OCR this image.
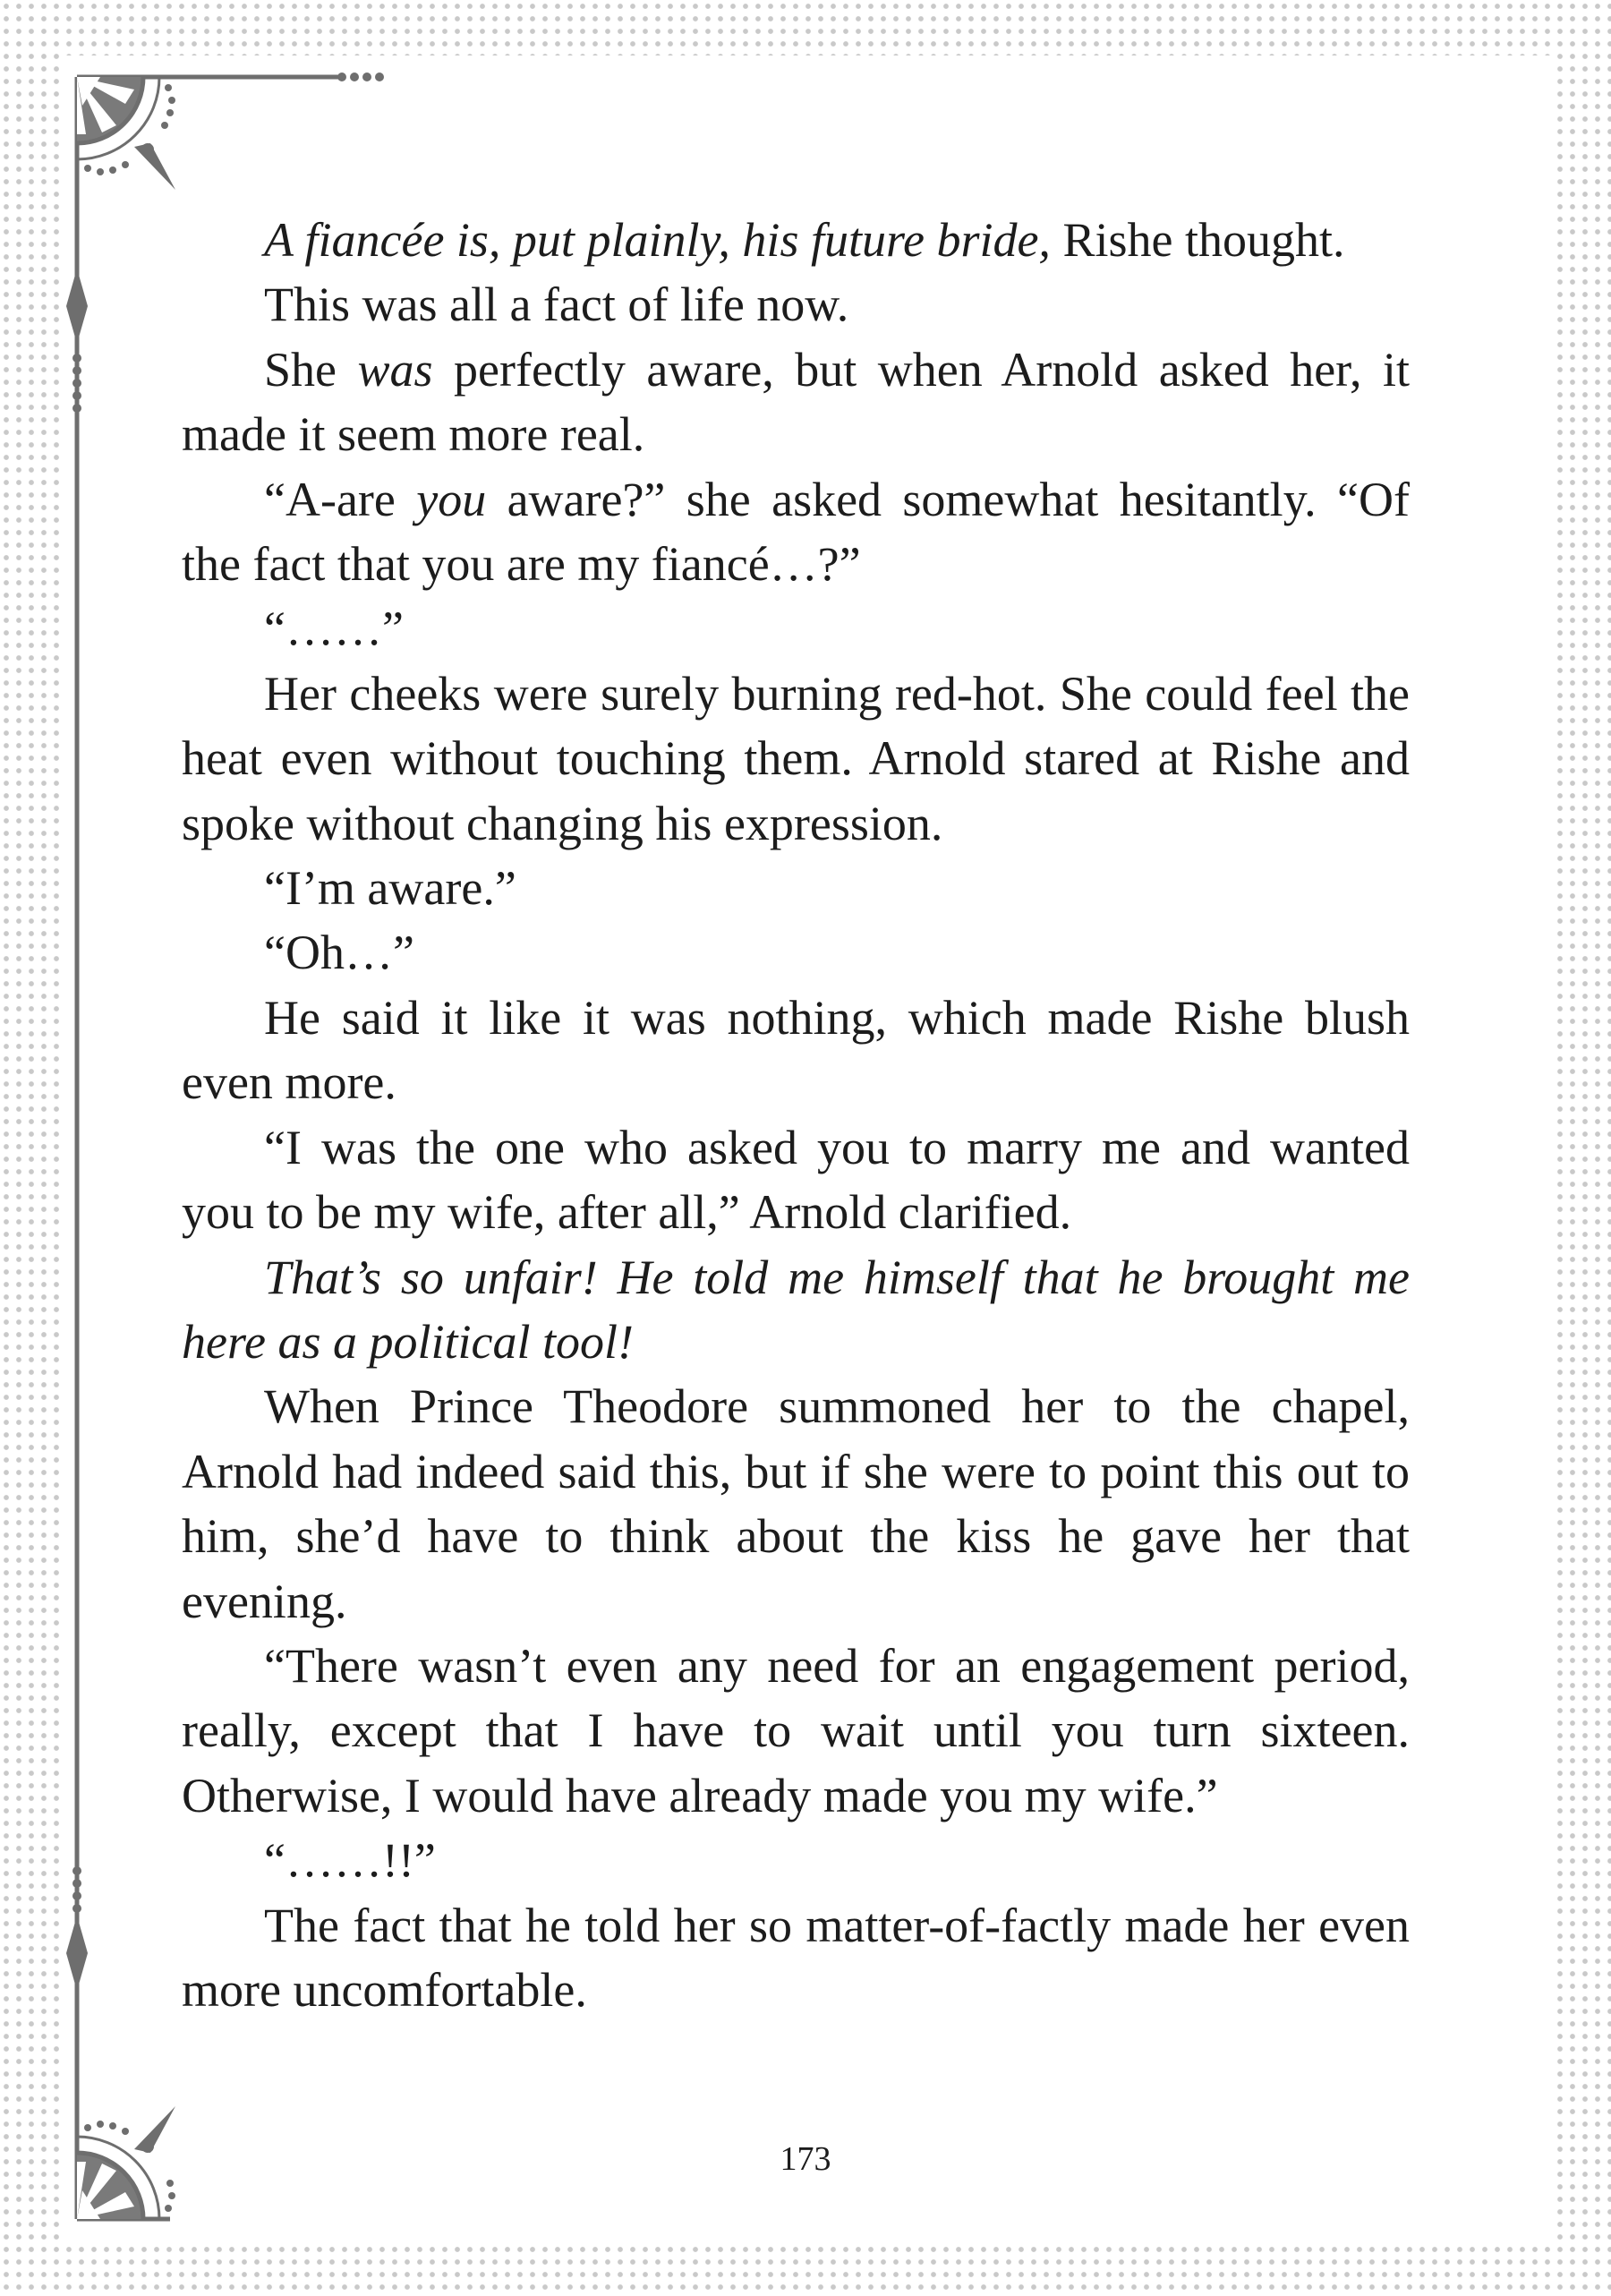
A fiancée is, put plainly, his future bride, Rishe thought.

This was all a fact of life now.

She was perfectly aware, but when Arnold asked her, it made it seem more real.

“A-are you aware?” she asked somewhat hesitantly. “Of the fact that you are my fiancé…?”

“……”

Her cheeks were surely burning red-hot. She could feel the heat even without touching them. Arnold stared at Rishe and spoke without changing his expression.

“I’m aware.”

“Oh…”

He said it like it was nothing, which made Rishe blush even more.

“I was the one who asked you to marry me and wanted you to be my wife, after all,” Arnold clarified.

That’s so unfair! He told me himself that he brought me here as a political tool!

When Prince Theodore summoned her to the chapel, Arnold had indeed said this, but if she were to point this out to him, she’d have to think about the kiss he gave her that evening.

“There wasn’t even any need for an engagement period, really, except that I have to wait until you turn sixteen. Otherwise, I would have already made you my wife.”

“……!!”

The fact that he told her so matter-of-factly made her even more uncomfortable.

173
